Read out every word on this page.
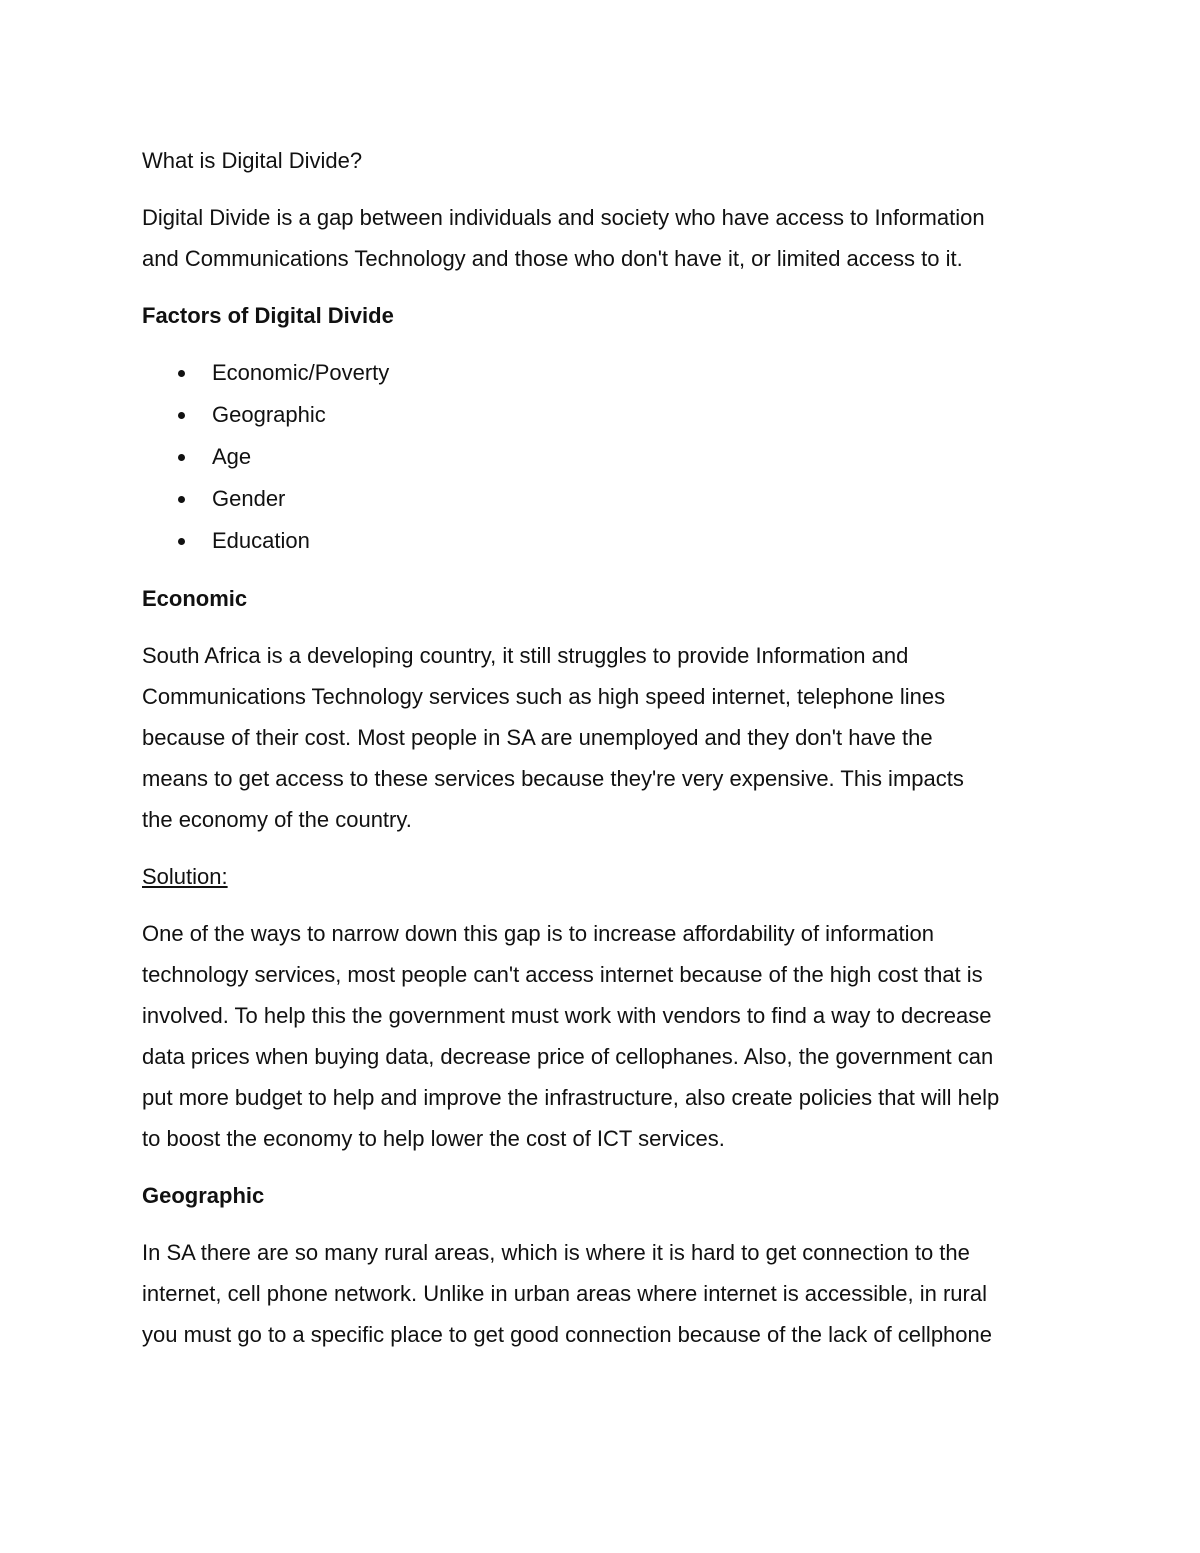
What is Digital Divide?

Digital Divide is a gap between individuals and society who have access to Information

and Communications Technology and those who don't have it, or limited access to it.

Factors of Digital Divide

Economic/Poverty
Geographic
Age
Gender
Education

Economic

South Africa is a developing country, it still struggles to provide Information and

Communications Technology services such as high speed internet, telephone lines

because of their cost. Most people in SA are unemployed and they don't have the

means to get access to these services because they're very expensive. This impacts

the economy of the country.

Solution:

One of the ways to narrow down this gap is to increase affordability of information

technology services, most people can't access internet because of the high cost that is

involved. To help this the government must work with vendors to find a way to decrease

data prices when buying data, decrease price of cellophanes. Also, the government can

put more budget to help and improve the infrastructure, also create policies that will help

to boost the economy to help lower the cost of ICT services.

Geographic

In SA there are so many rural areas, which is where it is hard to get connection to the

internet, cell phone network. Unlike in urban areas where internet is accessible, in rural

you must go to a specific place to get good connection because of the lack of cellphone
